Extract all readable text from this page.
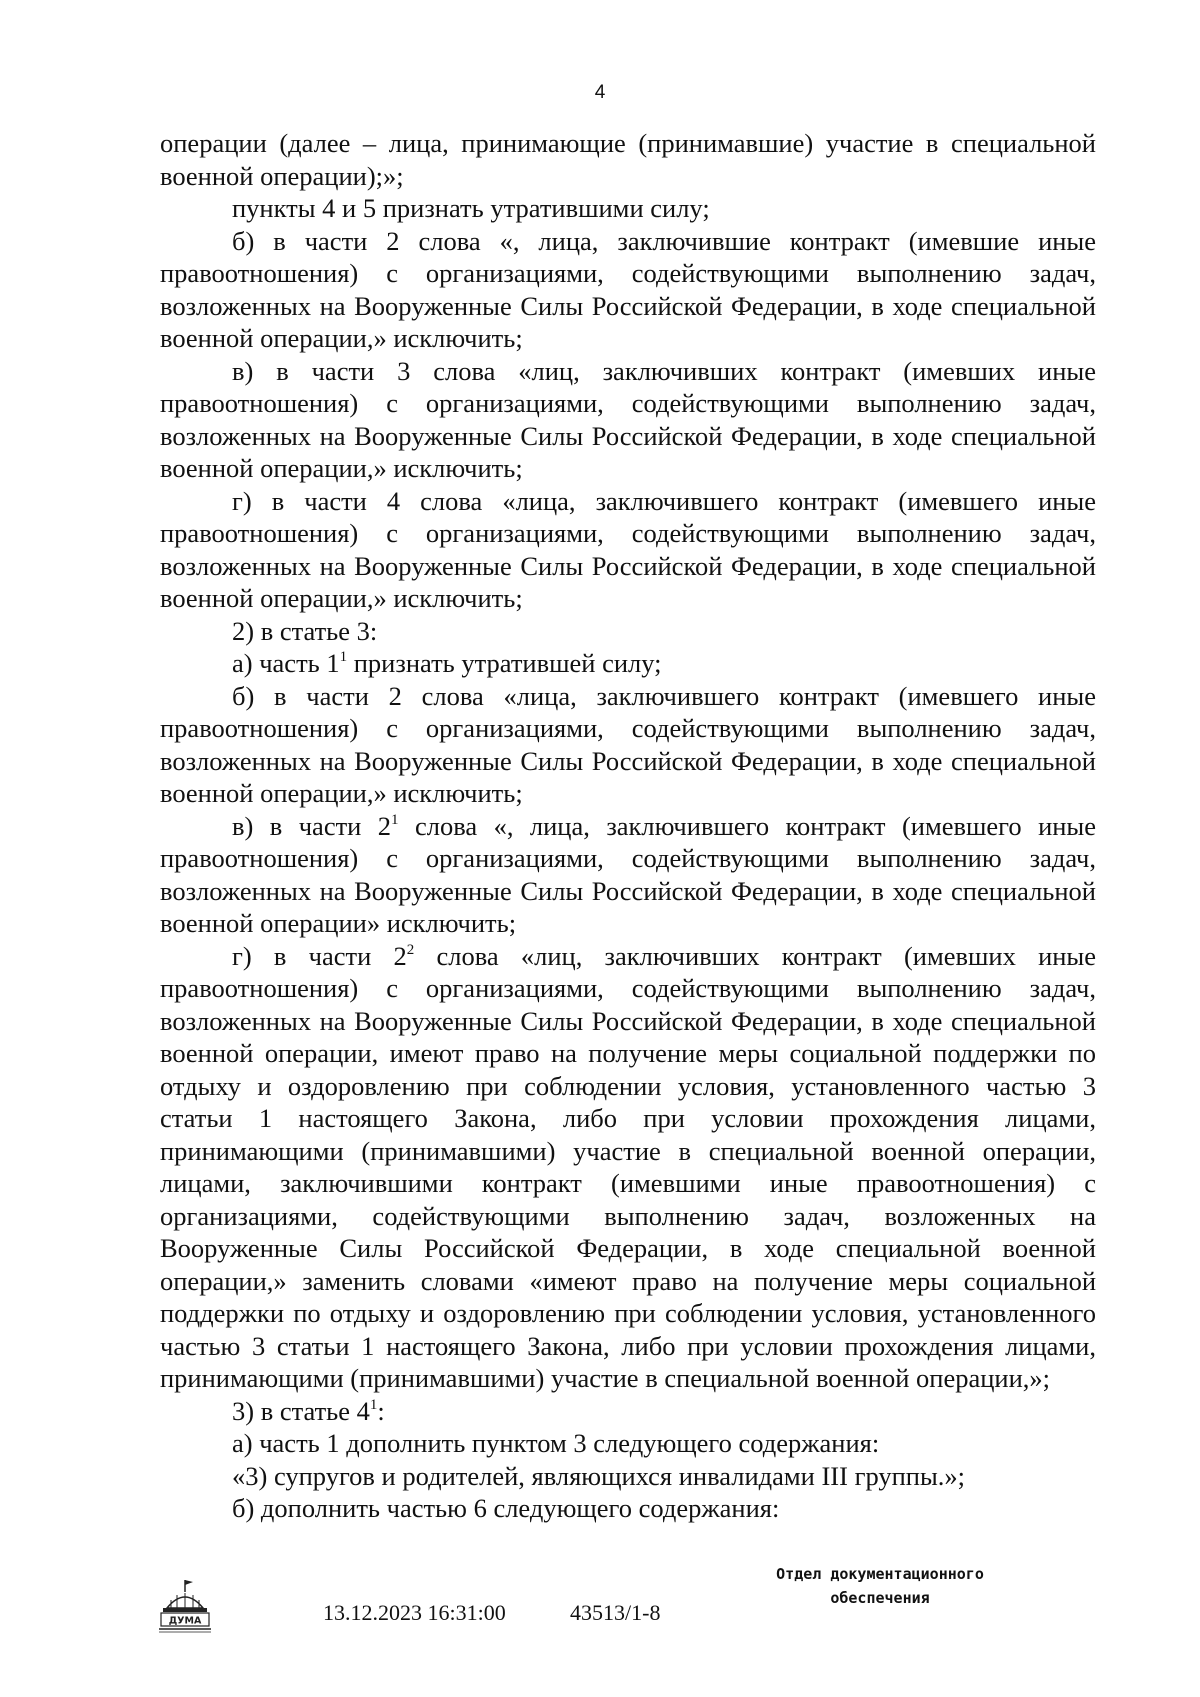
4

операции (далее – лица, принимающие (принимавшие) участие в специальной военной операции);»;

пункты 4 и 5 признать утратившими силу;

б) в части 2 слова «, лица, заключившие контракт (имевшие иные правоотношения) с организациями, содействующими выполнению задач, возложенных на Вооруженные Силы Российской Федерации, в ходе специальной военной операции,» исключить;

в) в части 3 слова «лиц, заключивших контракт (имевших иные правоотношения) с организациями, содействующими выполнению задач, возложенных на Вооруженные Силы Российской Федерации, в ходе специальной военной операции,» исключить;

г) в части 4 слова «лица, заключившего контракт (имевшего иные правоотношения) с организациями, содействующими выполнению задач, возложенных на Вооруженные Силы Российской Федерации, в ходе специальной военной операции,» исключить;

2) в статье 3:

а) часть $1^1$ признать утратившей силу;

б) в части 2 слова «лица, заключившего контракт (имевшего иные правоотношения) с организациями, содействующими выполнению задач, возложенных на Вооруженные Силы Российской Федерации, в ходе специальной военной операции,» исключить;

в) в части $2^1$ слова «, лица, заключившего контракт (имевшего иные правоотношения) с организациями, содействующими выполнению задач, возложенных на Вооруженные Силы Российской Федерации, в ходе специальной военной операции» исключить;

г) в части $2^2$ слова «лиц, заключивших контракт (имевших иные правоотношения) с организациями, содействующими выполнению задач, возложенных на Вооруженные Силы Российской Федерации, в ходе специальной военной операции, имеют право на получение меры социальной поддержки по отдыху и оздоровлению при соблюдении условия, установленного частью 3 статьи 1 настоящего Закона, либо при условии прохождения лицами, принимающими (принимавшими) участие в специальной военной операции, лицами, заключившими контракт (имевшими иные правоотношения) с организациями, содействующими выполнению задач, возложенных на Вооруженные Силы Российской Федерации, в ходе специальной военной операции,» заменить словами «имеют право на получение меры социальной поддержки по отдыху и оздоровлению при соблюдении условия, установленного частью 3 статьи 1 настоящего Закона, либо при условии прохождения лицами, принимающими (принимавшими) участие в специальной военной операции,»;

3) в статье $4^1$:

а) часть 1 дополнить пунктом 3 следующего содержания:

«3) супругов и родителей, являющихся инвалидами III группы.»;

б) дополнить частью 6 следующего содержания:

ДУМА	13.12.2023 16:31:00	43513/1-8
Отдел документационного
обеспечения
